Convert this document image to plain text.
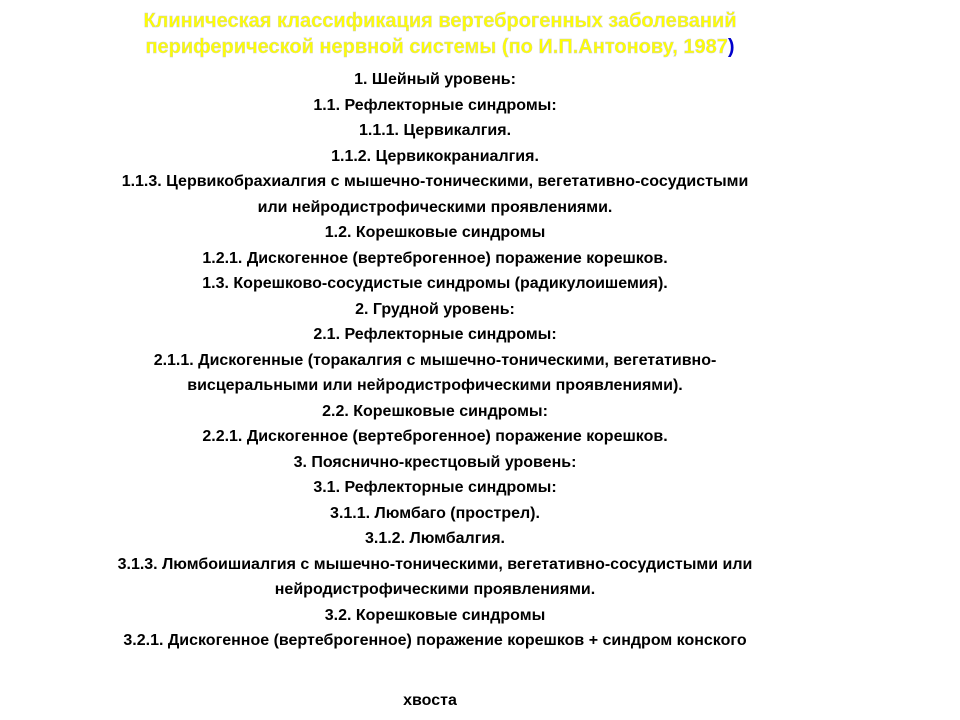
Клиническая классификация вертеброгенных заболеваний
периферической нервной системы (по И.П.Антонову, 1987)

1. Шейный уровень:

1.1. Рефлекторные синдромы:

1.1.1. Цервикалгия.

1.1.2. Цервикокраниалгия.

1.1.3. Цервикобрахиалгия с мышечно-тоническими, вегетативно-сосудистыми

или нейродистрофическими проявлениями.

1.2. Корешковые синдромы

1.2.1. Дискогенное (вертеброгенное) поражение корешков.

1.3. Корешково-сосудистые синдромы (радикулоишемия).

2. Грудной уровень:

2.1. Рефлекторные синдромы:

2.1.1. Дискогенные (торакалгия с мышечно-тоническими, вегетативно-

висцеральными или нейродистрофическими проявлениями).

2.2. Корешковые синдромы:

2.2.1. Дискогенное (вертеброгенное) поражение корешков.

3. Пояснично-крестцовый уровень:

3.1. Рефлекторные синдромы:

3.1.1. Люмбаго (прострел).

3.1.2. Люмбалгия.

3.1.3. Люмбоишиалгия с мышечно-тоническими, вегетативно-сосудистыми или

нейродистрофическими проявлениями.

3.2. Корешковые синдромы

3.2.1. Дискогенное (вертеброгенное) поражение корешков + синдром конского

хвоста
